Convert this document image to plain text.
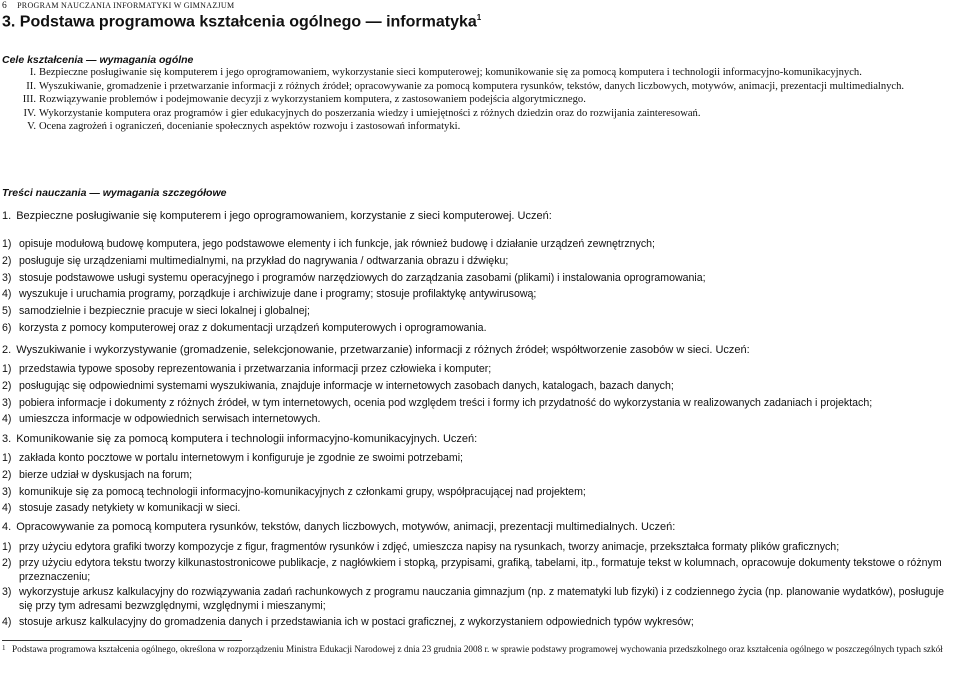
6 PROGRAM NAUCZANIA INFORMATYKI W GIMNAZJUM
3. Podstawa programowa kształcenia ogólnego — informatyka$^1$
Cele kształcenia — wymagania ogólne

I. Bezpieczne posługiwanie się komputerem i jego oprogramowaniem, wykorzystanie sieci komputerowej; komunikowanie się za pomocą komputera i technologii informacyjno-komunikacyjnych.

II. Wyszukiwanie, gromadzenie i przetwarzanie informacji z różnych źródeł; opracowywanie za pomocą komputera rysunków, tekstów, danych liczbowych, motywów, animacji, prezentacji multimedialnych.

III. Rozwiązywanie problemów i podejmowanie decyzji z wykorzystaniem komputera, z zastosowaniem podejścia algorytmicznego.

IV. Wykorzystanie komputera oraz programów i gier edukacyjnych do poszerzania wiedzy i umiejętności z różnych dziedzin oraz do rozwijania zainteresowań.

V. Ocena zagrożeń i ograniczeń, docenianie społecznych aspektów rozwoju i zastosowań informatyki.

Treści nauczania — wymagania szczegółowe
1. Bezpieczne posługiwanie się komputerem i jego oprogramowaniem, korzystanie z sieci komputerowej. Uczeń:

1) opisuje modułową budowę komputera, jego podstawowe elementy i ich funkcje, jak również budowę i działanie urządzeń zewnętrznych;

2) posługuje się urządzeniami multimedialnymi, na przykład do nagrywania / odtwarzania obrazu i dźwięku;

3) stosuje podstawowe usługi systemu operacyjnego i programów narzędziowych do zarządzania zasobami (plikami) i instalowania oprogramowania;

4) wyszukuje i uruchamia programy, porządkuje i archiwizuje dane i programy; stosuje profilaktykę antywirusową;

5) samodzielnie i bezpiecznie pracuje w sieci lokalnej i globalnej;

6) korzysta z pomocy komputerowej oraz z dokumentacji urządzeń komputerowych i oprogramowania.

2. Wyszukiwanie i wykorzystywanie (gromadzenie, selekcjonowanie, przetwarzanie) informacji z różnych źródeł; współtworzenie zasobów w sieci. Uczeń:

1) przedstawia typowe sposoby reprezentowania i przetwarzania informacji przez człowieka i komputer;

2) posługując się odpowiednimi systemami wyszukiwania, znajduje informacje w internetowych zasobach danych, katalogach, bazach danych;

3) pobiera informacje i dokumenty z różnych źródeł, w tym internetowych, ocenia pod względem treści i formy ich przydatność do wykorzystania w realizowanych zadaniach i projektach;

4) umieszcza informacje w odpowiednich serwisach internetowych.

3. Komunikowanie się za pomocą komputera i technologii informacyjno-komunikacyjnych. Uczeń:

1) zakłada konto pocztowe w portalu internetowym i konfiguruje je zgodnie ze swoimi potrzebami;

2) bierze udział w dyskusjach na forum;

3) komunikuje się za pomocą technologii informacyjno-komunikacyjnych z członkami grupy, współpracującej nad projektem;

4) stosuje zasady netykiety w komunikacji w sieci.

4. Opracowywanie za pomocą komputera rysunków, tekstów, danych liczbowych, motywów, animacji, prezentacji multimedialnych. Uczeń:

1) przy użyciu edytora grafiki tworzy kompozycje z figur, fragmentów rysunków i zdjęć, umieszcza napisy na rysunkach, tworzy animacje, przekształca formaty plików graficznych;

2) przy użyciu edytora tekstu tworzy kilkunastostronicowe publikacje, z nagłówkiem i stopką, przypisami, grafiką, tabelami, itp., formatuje tekst w kolumnach, opracowuje dokumenty tekstowe o różnym przeznaczeniu;

3) wykorzystuje arkusz kalkulacyjny do rozwiązywania zadań rachunkowych z programu nauczania gimnazjum (np. z matematyki lub fizyki) i z codziennego życia (np. planowanie wydatków), posługuje się przy tym adresami bezwzględnymi, względnymi i mieszanymi;

4) stosuje arkusz kalkulacyjny do gromadzenia danych i przedstawiania ich w postaci graficznej, z wykorzystaniem odpowiednich typów wykresów;

1 Podstawa programowa kształcenia ogólnego, określona w rozporządzeniu Ministra Edukacji Narodowej z dnia 23 grudnia 2008 r. w sprawie podstawy programowej wychowania przedszkolnego oraz kształcenia ogólnego w poszczególnych typach szkół
